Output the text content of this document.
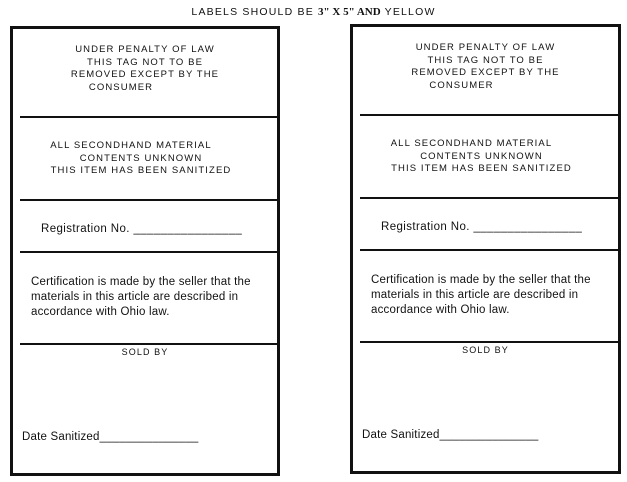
LABELS SHOULD BE 3" X 5" AND YELLOW
UNDER PENALTY OF LAW
THIS TAG NOT TO BE
REMOVED EXCEPT BY THE
CONSUMER
ALL SECONDHAND MATERIAL
CONTENTS UNKNOWN
THIS ITEM HAS BEEN SANITIZED
Registration No. ________________
Certification is made by the seller that the
materials in this article are described in
accordance with Ohio law.
SOLD BY
Date Sanitized_______________
UNDER PENALTY OF LAW
THIS TAG NOT TO BE
REMOVED EXCEPT BY THE
CONSUMER
ALL SECONDHAND MATERIAL
CONTENTS UNKNOWN
THIS ITEM HAS BEEN SANITIZED
Registration No. ________________
Certification is made by the seller that the
materials in this article are described in
accordance with Ohio law.
SOLD BY
Date Sanitized_______________
